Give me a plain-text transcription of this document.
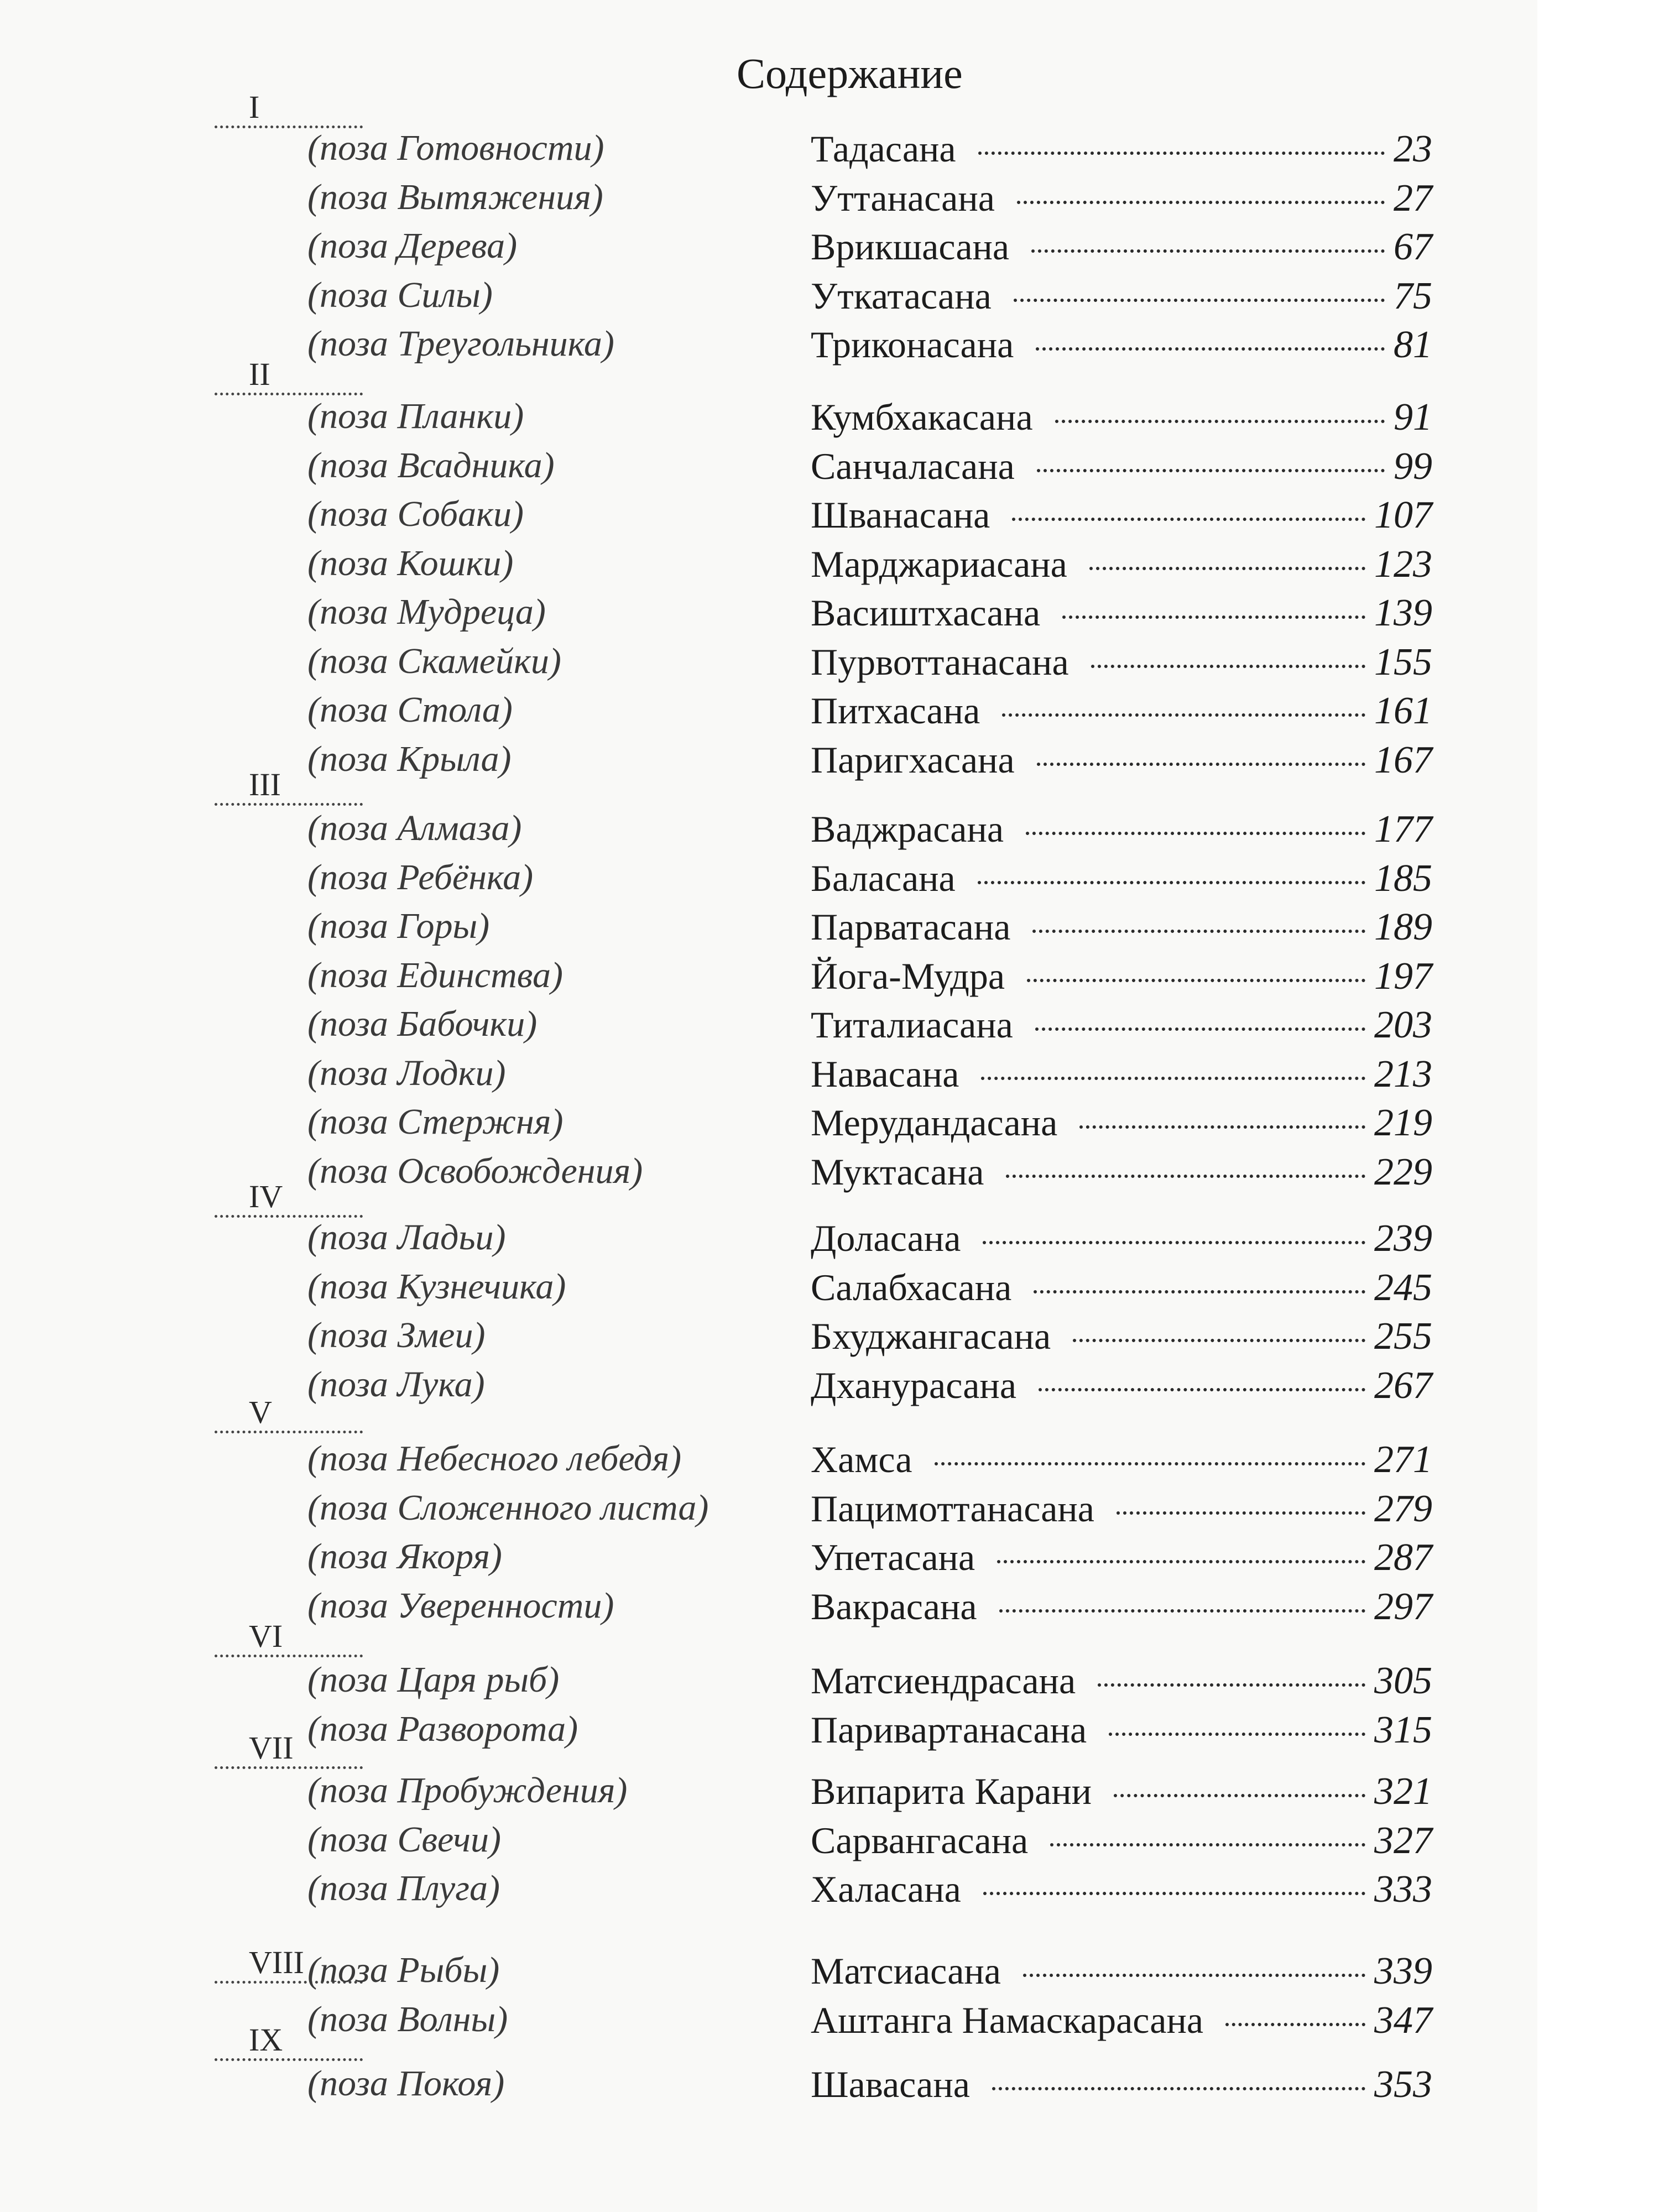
Содержание
I
(поза Готовности)	Тадасана	23
(поза Вытяжения)	Уттанасана	27
(поза Дерева)	Врикшасана	67
(поза Силы)	Уткатасана	75
(поза Треугольника)	Триконасана	81
II
(поза Планки)	Кумбхакасана	91
(поза Всадника)	Санчаласана	99
(поза Собаки)	Шванасана	107
(поза Кошки)	Марджариасана	123
(поза Мудреца)	Васиштхасана	139
(поза Скамейки)	Пурвоттанасана	155
(поза Стола)	Питхасана	161
(поза Крыла)	Паригхасана	167
III
(поза Алмаза)	Ваджрасана	177
(поза Ребёнка)	Баласана	185
(поза Горы)	Парватасана	189
(поза Единства)	Йога-Мудра	197
(поза Бабочки)	Титалиасана	203
(поза Лодки)	Навасана	213
(поза Стержня)	Мерудандасана	219
(поза Освобождения)	Муктасана	229
IV
(поза Ладьи)	Доласана	239
(поза Кузнечика)	Салабхасана	245
(поза Змеи)	Бхуджангасана	255
(поза Лука)	Дханурасана	267
V
(поза Небесного лебедя)	Хамса	271
(поза Сложенного листа)	Пацимоттанасана	279
(поза Якоря)	Упетасана	287
(поза Уверенности)	Вакрасана	297
VI
(поза Царя рыб)	Матсиендрасана	305
(поза Разворота)	Паривартанасана	315
VII
(поза Пробуждения)	Випарита Карани	321
(поза Свечи)	Сарвангасана	327
(поза Плуга)	Халасана	333
VIII (поза Рыбы)	Матсиасана	339
(поза Волны)	Аштанга Намаскарасана	347
IX
(поза Покоя)	Шавасана	353
